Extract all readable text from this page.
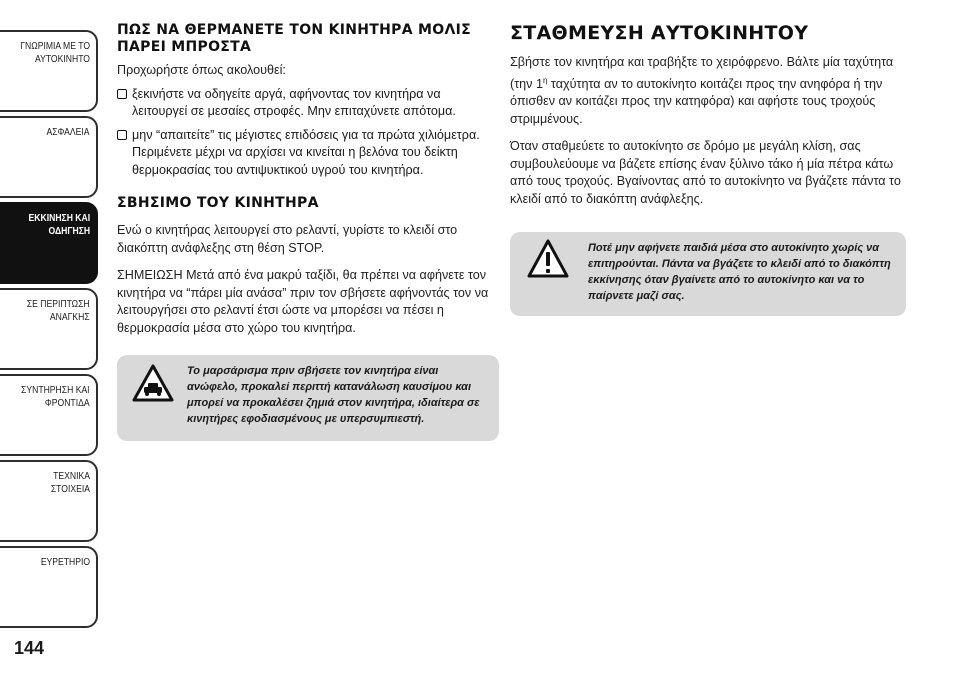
ΓΝΩΡΙΜΙΑ ΜΕ ΤΟ
ΑΥΤΟΚΙΝΗΤΟ
ΑΣΦΑΛΕΙΑ
ΕΚΚΙΝΗΣΗ ΚΑΙ
ΟΔΗΓΗΣΗ
ΣΕ ΠΕΡΙΠΤΩΣΗ
ΑΝΑΓΚΗΣ
ΣΥΝΤΗΡΗΣΗ ΚΑΙ
ΦΡΟΝΤΙΔΑ
ΤΕΧΝΙΚΑ ΣΤΟΙΧΕΙΑ
ΕΥΡΕΤΗΡΙΟ
144
ΠΩΣ ΝΑ ΘΕΡΜΑΝΕΤΕ ΤΟΝ ΚΙΝΗΤΗΡΑ ΜΟΛΙΣ ΠΑΡΕΙ ΜΠΡΟΣΤΑ

Προχωρήστε όπως ακολουθεί:

ξεκινήστε να οδηγείτε αργά, αφήνοντας τον κινητήρα να λειτουργεί σε μεσαίες στροφές. Μην επιταχύνετε απότομα.
μην “απαιτείτε” τις μέγιστες επιδόσεις για τα πρώτα χιλιόμετρα. Περιμένετε μέχρι να αρχίσει να κινείται η βελόνα του δείκτη θερμοκρασίας του αντιψυκτικού υγρού του κινητήρα.
ΣΒΗΣΙΜΟ ΤΟΥ ΚΙΝΗΤΗΡΑ

Ενώ ο κινητήρας λειτουργεί στο ρελαντί, γυρίστε το κλειδί στο διακόπτη ανάφλεξης στη θέση STOP.

ΣΗΜΕΙΩΣΗ Μετά από ένα μακρύ ταξίδι, θα πρέπει να αφήνετε τον κινητήρα να “πάρει μία ανάσα” πριν τον σβήσετε αφήνοντάς τον να λειτουργήσει στο ρελαντί έτσι ώστε να μπορέσει να πέσει η θερμοκρασία μέσα στο χώρο του κινητήρα.

Το μαρσάρισμα πριν σβήσετε τον κινητήρα είναι ανώφελο, προκαλεί περιττή κατανάλωση καυσίμου και μπορεί να προκαλέσει ζημιά στον κινητήρα, ιδιαίτερα σε κινητήρες εφοδιασμένους με υπερσυμπιεστή.
ΣΤΑΘΜΕΥΣΗ ΑΥΤΟΚΙΝΗΤΟΥ

Σβήστε τον κινητήρα και τραβήξτε το χειρόφρενο. Βάλτε μία ταχύτητα (την $1^\eta$ ταχύτητα αν το αυτοκίνητο κοιτάζει προς την ανηφόρα ή την όπισθεν αν κοιτάζει προς την κατηφόρα) και αφήστε τους τροχούς στριμμένους.

Όταν σταθμεύετε το αυτοκίνητο σε δρόμο με μεγάλη κλίση, σας συμβουλεύουμε να βάζετε επίσης έναν ξύλινο τάκο ή μία πέτρα κάτω από τους τροχούς. Βγαίνοντας από το αυτοκίνητο να βγάζετε πάντα το κλειδί από το διακόπτη ανάφλεξης.

Ποτέ μην αφήνετε παιδιά μέσα στο αυτοκίνητο χωρίς να επιτηρούνται. Πάντα να βγάζετε το κλειδί από το διακόπτη εκκίνησης όταν βγαίνετε από το αυτοκίνητο και να το παίρνετε μαζί σας.
